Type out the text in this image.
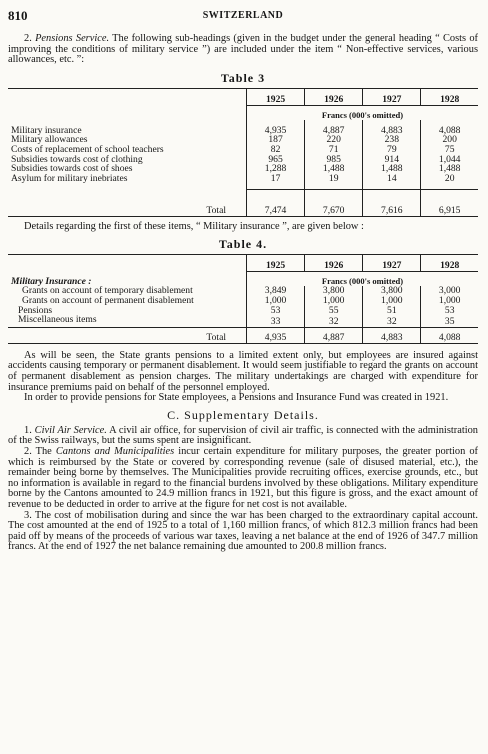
810	SWITZERLAND

2. Pensions Service. The following sub-headings (given in the budget under the general heading “ Costs of improving the conditions of military service ”) are included under the item “ Non-effective services, various allowances, etc. ”:

Table 3
	1925	1926	1927	1928
	Francs (000's omitted)			
Military insurance	4,935	4,887	4,883	4,088
Military allowances	187	220	238	200
Costs of replacement of school teachers	82	71	79	75
Subsidies towards cost of clothing	965	985	914	1,044
Subsidies towards cost of shoes	1,288	1,488	1,488	1,488
Asylum for military inebriates	17	19	14	20
Total	7,474	7,670	7,616	6,915

Details regarding the first of these items, “ Military insurance ”, are given below :

Table 4.
	1925	1926	1927	1928
Military Insurance :	Francs (000's omitted)			
Grants on account of temporary disablement	3,849	3,800	3,800	3,000
Grants on account of permanent disablement	1,000	1,000	1,000	1,000
Pensions	53	55	51	53
Miscellaneous items	33	32	32	35
Total	4,935	4,887	4,883	4,088

As will be seen, the State grants pensions to a limited extent only, but employees are insured against accidents causing temporary or permanent disablement. It would seem justifiable to regard the grants on account of permanent disablement as pension charges. The military undertakings are charged with expenditure for insurance premiums paid on behalf of the personnel employed.

In order to provide pensions for State employees, a Pensions and Insurance Fund was created in 1921.

C. Supplementary Details.

1. Civil Air Service. A civil air office, for supervision of civil air traffic, is connected with the administration of the Swiss railways, but the sums spent are insignificant.

2. The Cantons and Municipalities incur certain expenditure for military purposes, the greater portion of which is reimbursed by the State or covered by corresponding revenue (sale of disused material, etc.), the remainder being borne by themselves. The Municipalities provide recruiting offices, exercise grounds, etc., but no information is available in regard to the financial burdens involved by these obligations. Military expenditure borne by the Cantons amounted to 24.9 million francs in 1921, but this figure is gross, and the exact amount of revenue to be deducted in order to arrive at the figure for net cost is not available.

3. The cost of mobilisation during and since the war has been charged to the extraordinary capital account. The cost amounted at the end of 1925 to a total of 1,160 million francs, of which 812.3 million francs had been paid off by means of the proceeds of various war taxes, leaving a net balance at the end of 1926 of 347.7 million francs. At the end of 1927 the net balance remaining due amounted to 200.8 million francs.
